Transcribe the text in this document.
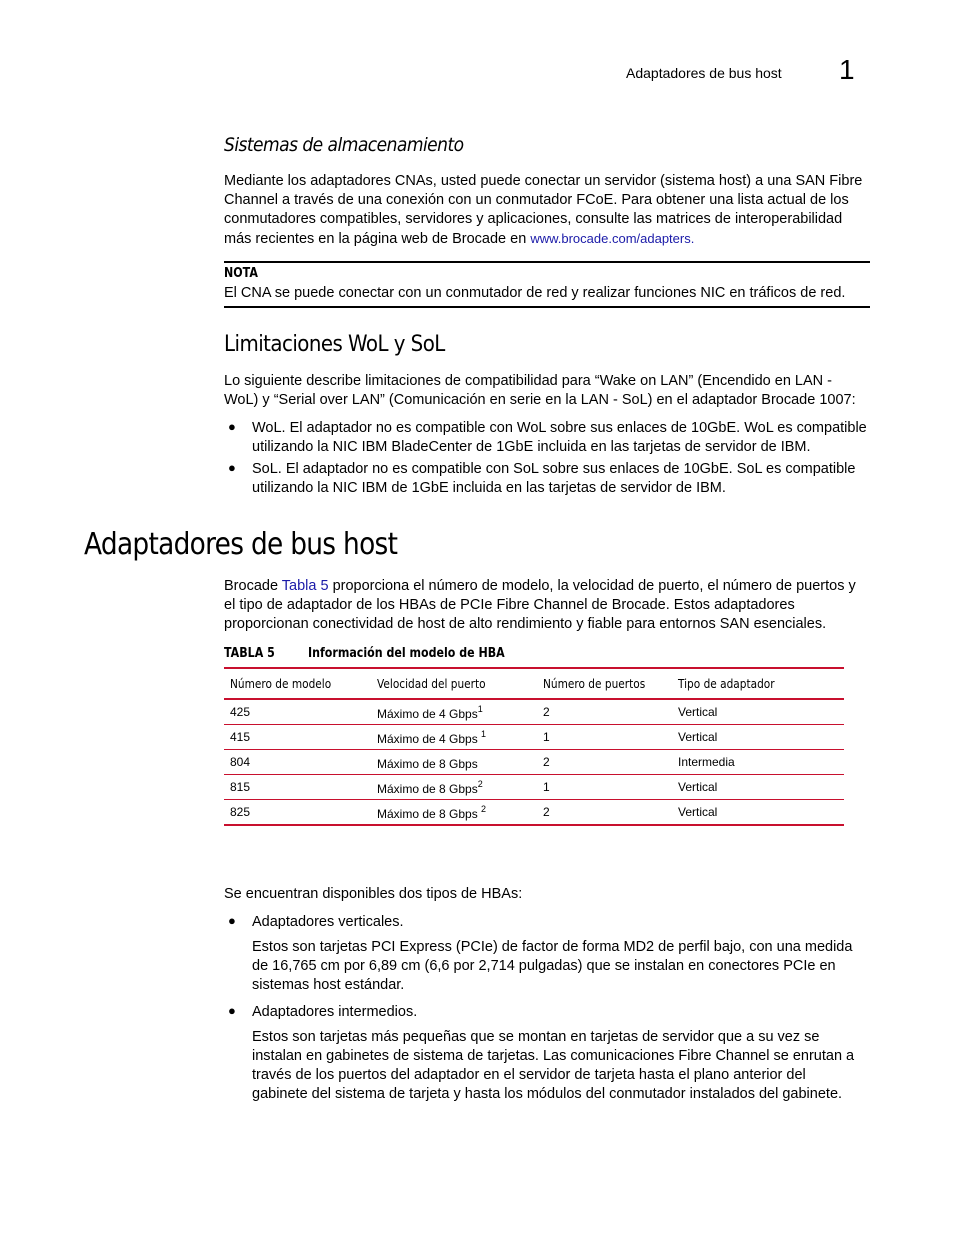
Adaptadores de bus host 1
Sistemas de almacenamiento
Mediante los adaptadores CNAs, usted puede conectar un servidor (sistema host) a una SAN Fibre
Channel a través de una conexión con un conmutador FCoE. Para obtener una lista actual de los
conmutadores compatibles, servidores y aplicaciones, consulte las matrices de interoperabilidad
más recientes en la página web de Brocade en www.brocade.com/adapters.
NOTA
El CNA se puede conectar con un conmutador de red y realizar funciones NIC en tráficos de red.
Limitaciones WoL y SoL
Lo siguiente describe limitaciones de compatibilidad para “Wake on LAN” (Encendido en LAN -
WoL) y “Serial over LAN” (Comunicación en serie en la LAN - SoL) en el adaptador Brocade 1007:
● WoL. El adaptador no es compatible con WoL sobre sus enlaces de 10GbE. WoL es compatible
utilizando la NIC IBM BladeCenter de 1GbE incluida en las tarjetas de servidor de IBM.
● SoL. El adaptador no es compatible con SoL sobre sus enlaces de 10GbE. SoL es compatible
utilizando la NIC IBM de 1GbE incluida en las tarjetas de servidor de IBM.
Adaptadores de bus host
Brocade Tabla 5 proporciona el número de modelo, la velocidad de puerto, el número de puertos y
el tipo de adaptador de los HBAs de PCIe Fibre Channel de Brocade. Estos adaptadores
proporcionan conectividad de host de alto rendimiento y fiable para entornos SAN esenciales.
TABLA 5	Información del modelo de HBA
Número de modelo	Velocidad del puerto	Número de puertos	Tipo de adaptador
425	Máximo de 4 Gbps$^1$	2	Vertical
415	Máximo de 4 Gbps $^1$	1	Vertical
804	Máximo de 8 Gbps	2	Intermedia
815	Máximo de 8 Gbps$^2$	1	Vertical
825	Máximo de 8 Gbps $^2$	2	Vertical
Se encuentran disponibles dos tipos de HBAs:
● Adaptadores verticales.
Estos son tarjetas PCI Express (PCIe) de factor de forma MD2 de perfil bajo, con una medida
de 16,765 cm por 6,89 cm (6,6 por 2,714 pulgadas) que se instalan en conectores PCIe en
sistemas host estándar.
● Adaptadores intermedios.
Estos son tarjetas más pequeñas que se montan en tarjetas de servidor que a su vez se
instalan en gabinetes de sistema de tarjetas. Las comunicaciones Fibre Channel se enrutan a
través de los puertos del adaptador en el servidor de tarjeta hasta el plano anterior del
gabinete del sistema de tarjeta y hasta los módulos del conmutador instalados del gabinete.
